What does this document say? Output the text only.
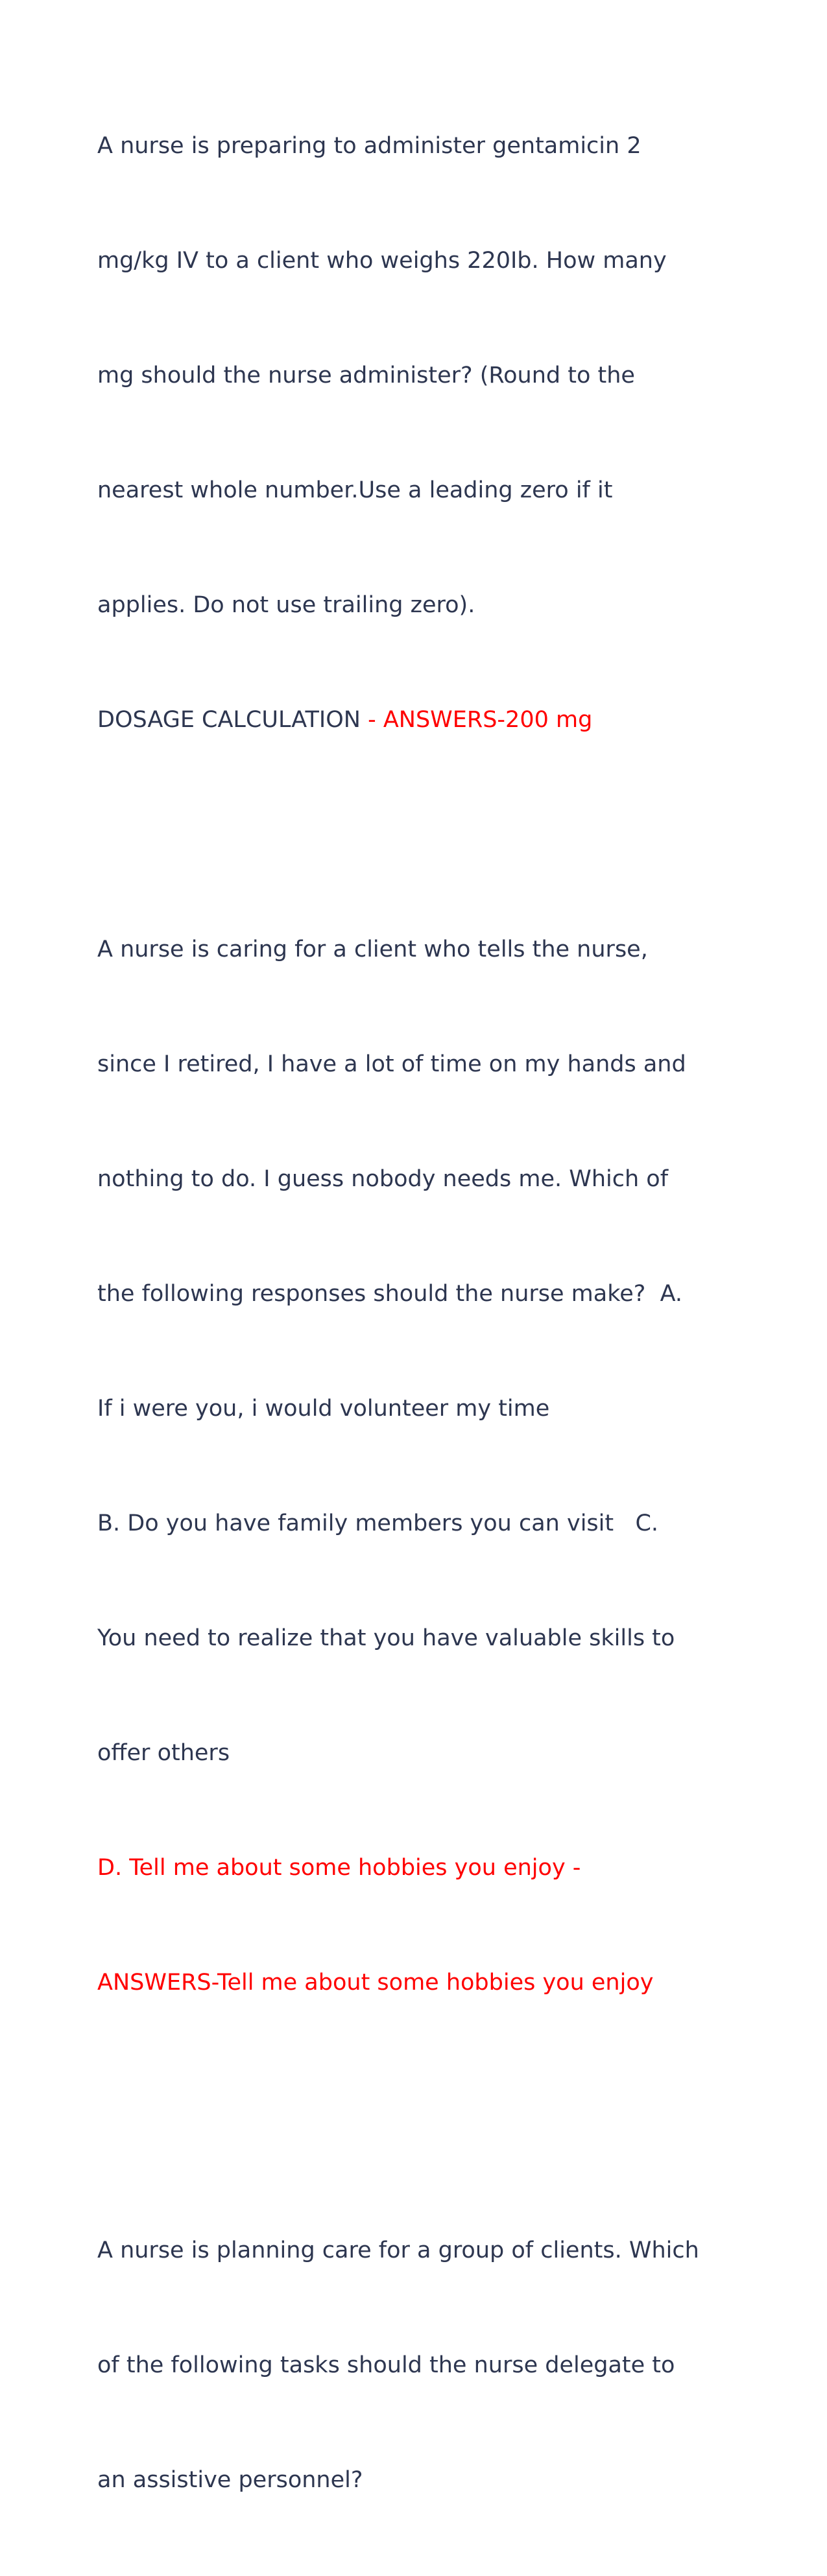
A nurse is preparing to administer gentamicin 2

mg/kg IV to a client who weighs 220Ib. How many

mg should the nurse administer? (Round to the

nearest whole number.Use a leading zero if it

applies. Do not use trailing zero).

DOSAGE CALCULATION - ANSWERS-200 mg

A nurse is caring for a client who tells the nurse,

since I retired, I have a lot of time on my hands and

nothing to do. I guess nobody needs me. Which of

the following responses should the nurse make?  A.

If i were you, i would volunteer my time

B. Do you have family members you can visit   C.

You need to realize that you have valuable skills to

offer others

D. Tell me about some hobbies you enjoy -

ANSWERS-Tell me about some hobbies you enjoy

A nurse is planning care for a group of clients. Which

of the following tasks should the nurse delegate to

an assistive personnel?
